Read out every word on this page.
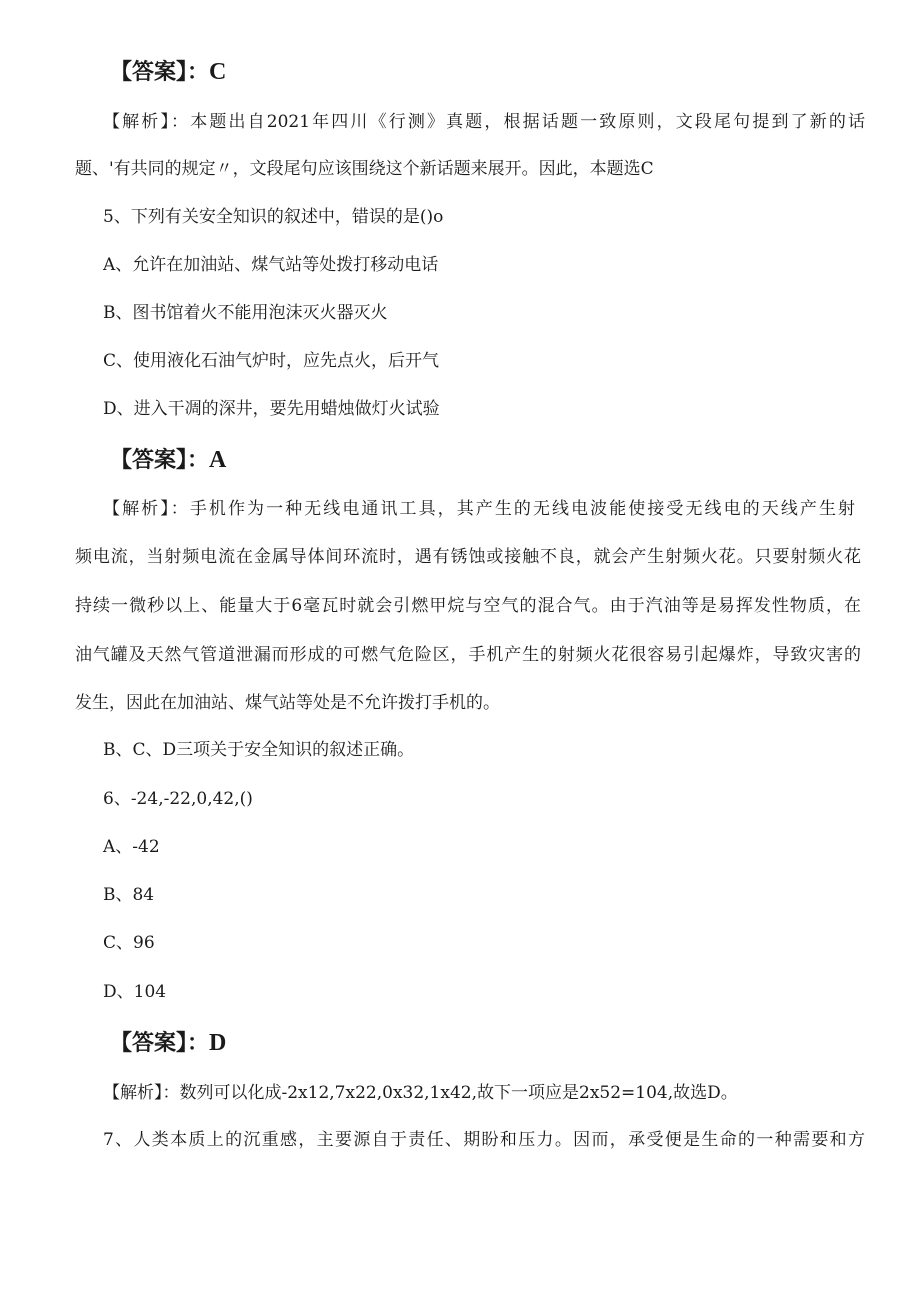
【答案】：C
【解析】：本题出自2021年四川《行测》真题，根据话题一致原则，文段尾句提到了新的话
题、'有共同的规定〃，文段尾句应该围绕这个新话题来展开。因此，本题选C
5、下列有关安全知识的叙述中，错误的是()o
A、允许在加油站、煤气站等处拨打移动电话
B、图书馆着火不能用泡沫灭火器灭火
C、使用液化石油气炉时，应先点火，后开气
D、进入干凋的深井，要先用蜡烛做灯火试验
【答案】：A
【解析】：手机作为一种无线电通讯工具，其产生的无线电波能使接受无线电的天线产生射
频电流，当射频电流在金属导体间环流时，遇有锈蚀或接触不良，就会产生射频火花。只要射频火花
持续一微秒以上、能量大于6毫瓦时就会引燃甲烷与空气的混合气。由于汽油等是易挥发性物质，在
油气罐及天然气管道泄漏而形成的可燃气危险区，手机产生的射频火花很容易引起爆炸，导致灾害的
发生，因此在加油站、煤气站等处是不允许拨打手机的。
B、C、D三项关于安全知识的叙述正确。
6、-24,-22,0,42,()
A、-42
B、84
C、96
D、104
【答案】：D
【解析】：数列可以化成-2x12,7x22,0x32,1x42,故下一项应是2x52=104,故选D。
7、人类本质上的沉重感，主要源自于责任、期盼和压力。因而，承受便是生命的一种需要和方
